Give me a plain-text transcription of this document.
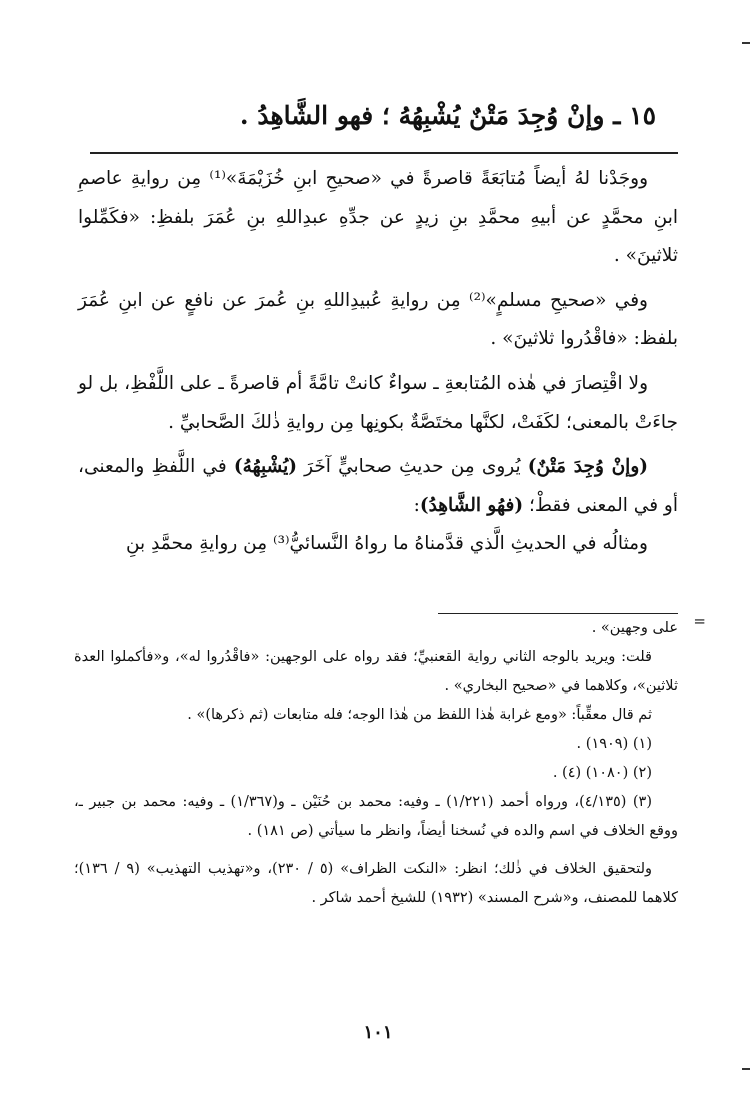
١٥ ـ وإنْ وُجِدَ مَتْنٌ يُشْبِهُهُ ؛ فهو الشَّاهِدُ .

ووجَدْنا لهُ أيضاً مُتابَعَةً قاصرةً في «صحيحِ ابنِ خُزَيْمَةَ»⁽¹⁾ مِن روايةِ عاصمِ ابنِ محمَّدٍ عن أبيهِ محمَّدِ بنِ زيدٍ عن جدِّهِ عبدِاللهِ بنِ عُمَرَ بلفظِ: «فكَمِّلوا ثلاثينَ» .

وفي «صحيحِ مسلمٍ»⁽²⁾ مِن روايةِ عُبيدِاللهِ بنِ عُمرَ عن نافعٍ عن ابنِ عُمَرَ بلفظ: «فاقْدُروا ثلاثينَ» .

ولا اقْتِصارَ في هٰذه المُتابعةِ ـ سواءٌ كانتْ تامَّةً أم قاصرةً ـ على اللَّفْظِ، بل لو جاءَتْ بالمعنى؛ لكَفَتْ، لكنَّها مختَصَّةٌ بكونِها مِن روايةِ ذٰلكَ الصَّحابيِّ .

(وإنْ وُجِدَ مَتْنٌ) يُروى مِن حديثِ صحابيٍّ آخَرَ (يُشْبِهُهُ) في اللَّفظِ والمعنى، أو في المعنى فقطْ؛ (فهُو الشَّاهِدُ):

ومثالُه في الحديثِ الَّذي قدَّمناهُ ما رواهُ النَّسائيُّ⁽³⁾ مِن روايةِ محمَّدِ بنِ

=

على وجهين» .

قلت: ويريد بالوجه الثاني رواية القعنبيِّ؛ فقد رواه على الوجهين: «فاقْدُروا له»، و«فأكملوا العدة ثلاثين»، وكلاهما في «صحيح البخاري» .

ثم قال معقِّباً: «ومع غرابة هٰذا اللفظ من هٰذا الوجه؛ فله متابعات (ثم ذكرها)» .

(١) (١٩٠٩) .

(٢) (١٠٨٠) (٤) .

(٣) (٤/١٣٥)، ورواه أحمد (١/٢٢١) ـ وفيه: محمد بن حُنَيْن ـ و(١/٣٦٧) ـ وفيه: محمد بن جبير ـ، ووقع الخلاف في اسم والده في نُسخنا أيضاً، وانظر ما سيأتي (ص ١٨١) .

ولتحقيق الخلاف في ذٰلك؛ انظر: «النكت الظراف» (٥ / ٢٣٠)، و«تهذيب التهذيب» (٩ / ١٣٦)؛ كلاهما للمصنف، و«شرح المسند» (١٩٣٢) للشيخ أحمد شاكر .

١٠١
